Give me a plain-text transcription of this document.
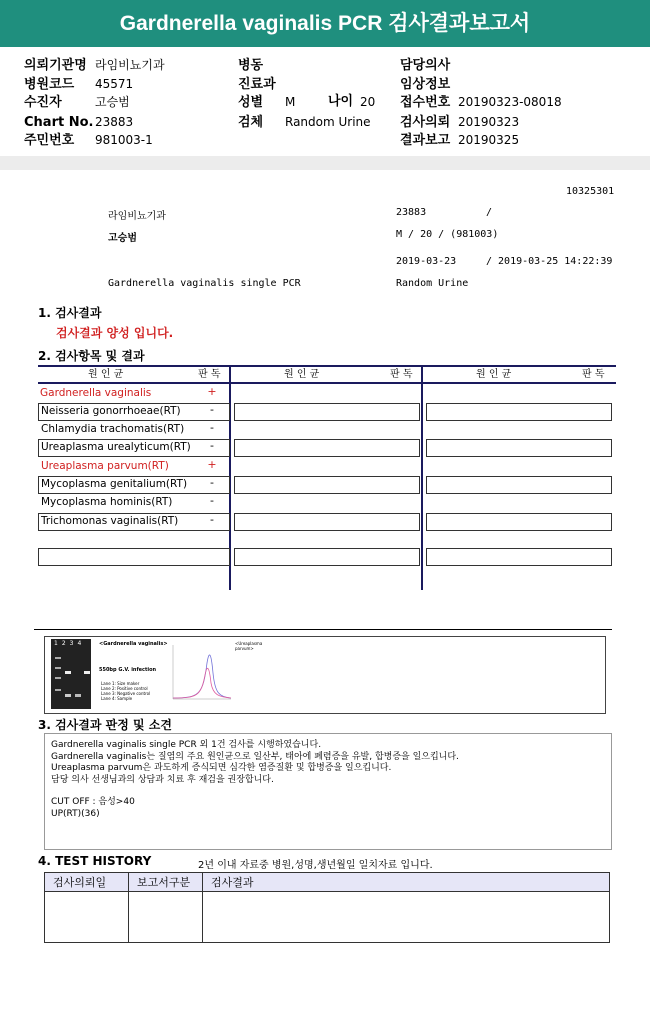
Gardnerella vaginalis PCR 검사결과보고서
의뢰기관명 라임비뇨기과
병원코드 45571
수진자	고승범
Chart No. 23883
주민번호 981003-1
병동
진료과
성별 M	나이 20
검체 Random Urine
담당의사
임상정보
접수번호 20190323-08018
검사의뢰 20190323
결과보고 20190325
10325301
라임비뇨기과	23883	/
고승범	M / 20 / (981003)
2019-03-23	/ 2019-03-25 14:22:39
Gardnerella vaginalis single PCR	Random Urine
1. 검사결과
검사결과 양성 입니다.
2. 검사항목 및 결과
원 인 균	판 독	원 인 균	판 독	원 인 균	판 독
Gardnerella vaginalis	+
Neisseria gonorrhoeae(RT)	-
Chlamydia trachomatis(RT)	-
Ureaplasma urealyticum(RT)	-
Ureaplasma parvum(RT)	+
Mycoplasma genitalium(RT)	-
Mycoplasma hominis(RT)	-
Trichomonas vaginalis(RT)	-
1234	<Gardnerella vaginalis>
550bp G.V. infection
Lane 1: Size maker
Lane 2: Positive control
Lane 3: Negative control
Lane 4: Sample
<Ureaplasma
parvum>
3. 검사결과 판정 및 소견
Gardnerella vaginalis single PCR 외 1건 검사를 시행하였습니다.
Gardnerella vaginalis는 질염의 주요 원인균으로 일산부, 태아에 폐렴증을 유발, 합병증을 일으킵니다.
Ureaplasma parvum은 과도하게 증식되면 심각한 염증질환 및 합병증을 일으킵니다.
담당 의사 선생님과의 상담과 치료 후 재검을 권장합니다.
CUT OFF : 음성>40
UP(RT)(36)
4. TEST HISTORY	2년 이내 자료중 병원,성명,생년월일 일치자료 입니다.
검사의뢰일	보고서구분	검사결과
